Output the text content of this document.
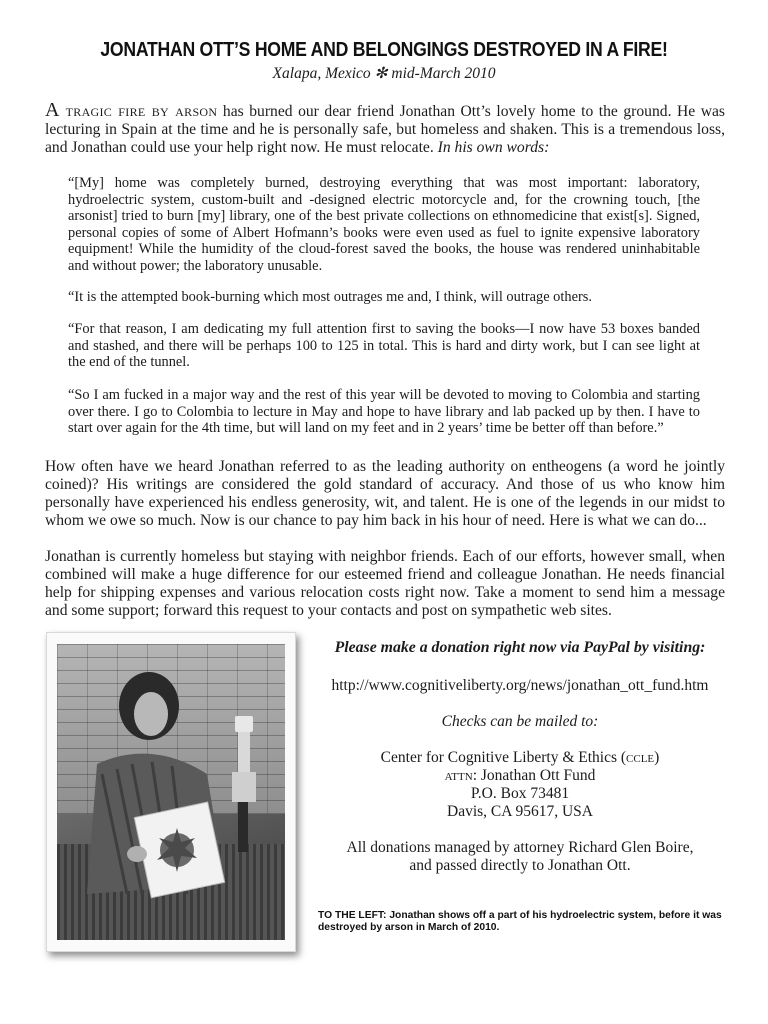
JONATHAN OTT’S HOME AND BELONGINGS DESTROYED IN A FIRE!
Xalapa, Mexico ✻ mid-March 2010

A tragic fire by arson has burned our dear friend Jonathan Ott’s lovely home to the ground. He was lecturing in Spain at the time and he is personally safe, but homeless and shaken. This is a tremendous loss, and Jonathan could use your help right now. He must relocate. In his own words:

“[My] home was completely burned, destroying everything that was most important: laboratory, hydroelectric system, custom-built and -designed electric motorcycle and, for the crowning touch, [the arsonist] tried to burn [my] library, one of the best private collections on ethnomedicine that exist[s]. Signed, personal copies of some of Albert Hofmann’s books were even used as fuel to ignite expensive laboratory equipment! While the humidity of the cloud-forest saved the books, the house was rendered uninhabitable and without power; the laboratory unusable.

“It is the attempted book-burning which most outrages me and, I think, will outrage others.

“For that reason, I am dedicating my full attention first to saving the books—I now have 53 boxes banded and stashed, and there will be perhaps 100 to 125 in total. This is hard and dirty work, but I can see light at the end of the tunnel.

“So I am fucked in a major way and the rest of this year will be devoted to moving to Colombia and starting over there. I go to Colombia to lecture in May and hope to have library and lab packed up by then. I have to start over again for the 4th time, but will land on my feet and in 2 years’ time be better off than before.”

How often have we heard Jonathan referred to as the leading authority on entheogens (a word he jointly coined)? His writings are considered the gold standard of accuracy. And those of us who know him personally have experienced his endless generosity, wit, and talent. He is one of the legends in our midst to whom we owe so much. Now is our chance to pay him back in his hour of need. Here is what we can do...

Jonathan is currently homeless but staying with neighbor friends. Each of our efforts, however small, when combined will make a huge difference for our esteemed friend and colleague Jonathan. He needs financial help for shipping expenses and various relocation costs right now. Take a moment to send him a message and some support; forward this request to your contacts and post on sympathetic web sites.

Please make a donation right now via PayPal by visiting:
http://www.cognitiveliberty.org/news/jonathan_ott_fund.htm
Checks can be mailed to:
Center for Cognitive Liberty & Ethics (ccle)
attn: Jonathan Ott Fund
P.O. Box 73481
Davis, CA 95617, USA
All donations managed by attorney Richard Glen Boire,
and passed directly to Jonathan Ott.
TO THE LEFT: Jonathan shows off a part of his hydroelectric system, before it was destroyed by arson in March of 2010.
